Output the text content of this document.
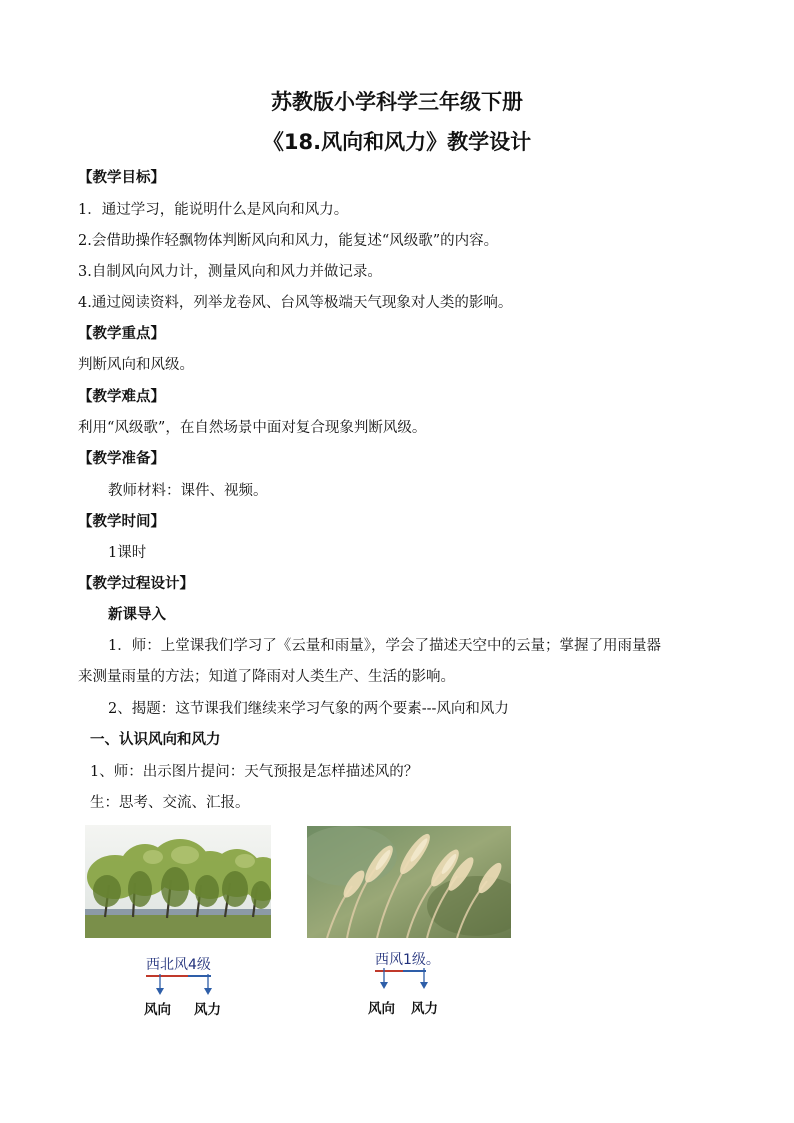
苏教版小学科学三年级下册
《18.风向和风力》教学设计
【教学目标】
1．通过学习，能说明什么是风向和风力。
2.会借助操作轻飘物体判断风向和风力，能复述“风级歌”的内容。
3.自制风向风力计，测量风向和风力并做记录。
4.通过阅读资料，列举龙卷风、台风等极端天气现象对人类的影响。
【教学重点】
判断风向和风级。
【教学难点】
利用“风级歌”，在自然场景中面对复合现象判断风级。
【教学准备】
教师材料：课件、视频。
【教学时间】
1课时
【教学过程设计】
新课导入
1．师：上堂课我们学习了《云量和雨量》，学会了描述天空中的云量；掌握了用雨量器
来测量雨量的方法；知道了降雨对人类生产、生活的影响。
2、揭题：这节课我们继续来学习气象的两个要素---风向和风力
一、认识风向和风力
1、师：出示图片提问：天气预报是怎样描述风的？
生：思考、交流、汇报。
西北风4级
风向 风力
西风1级。
风向 风力
